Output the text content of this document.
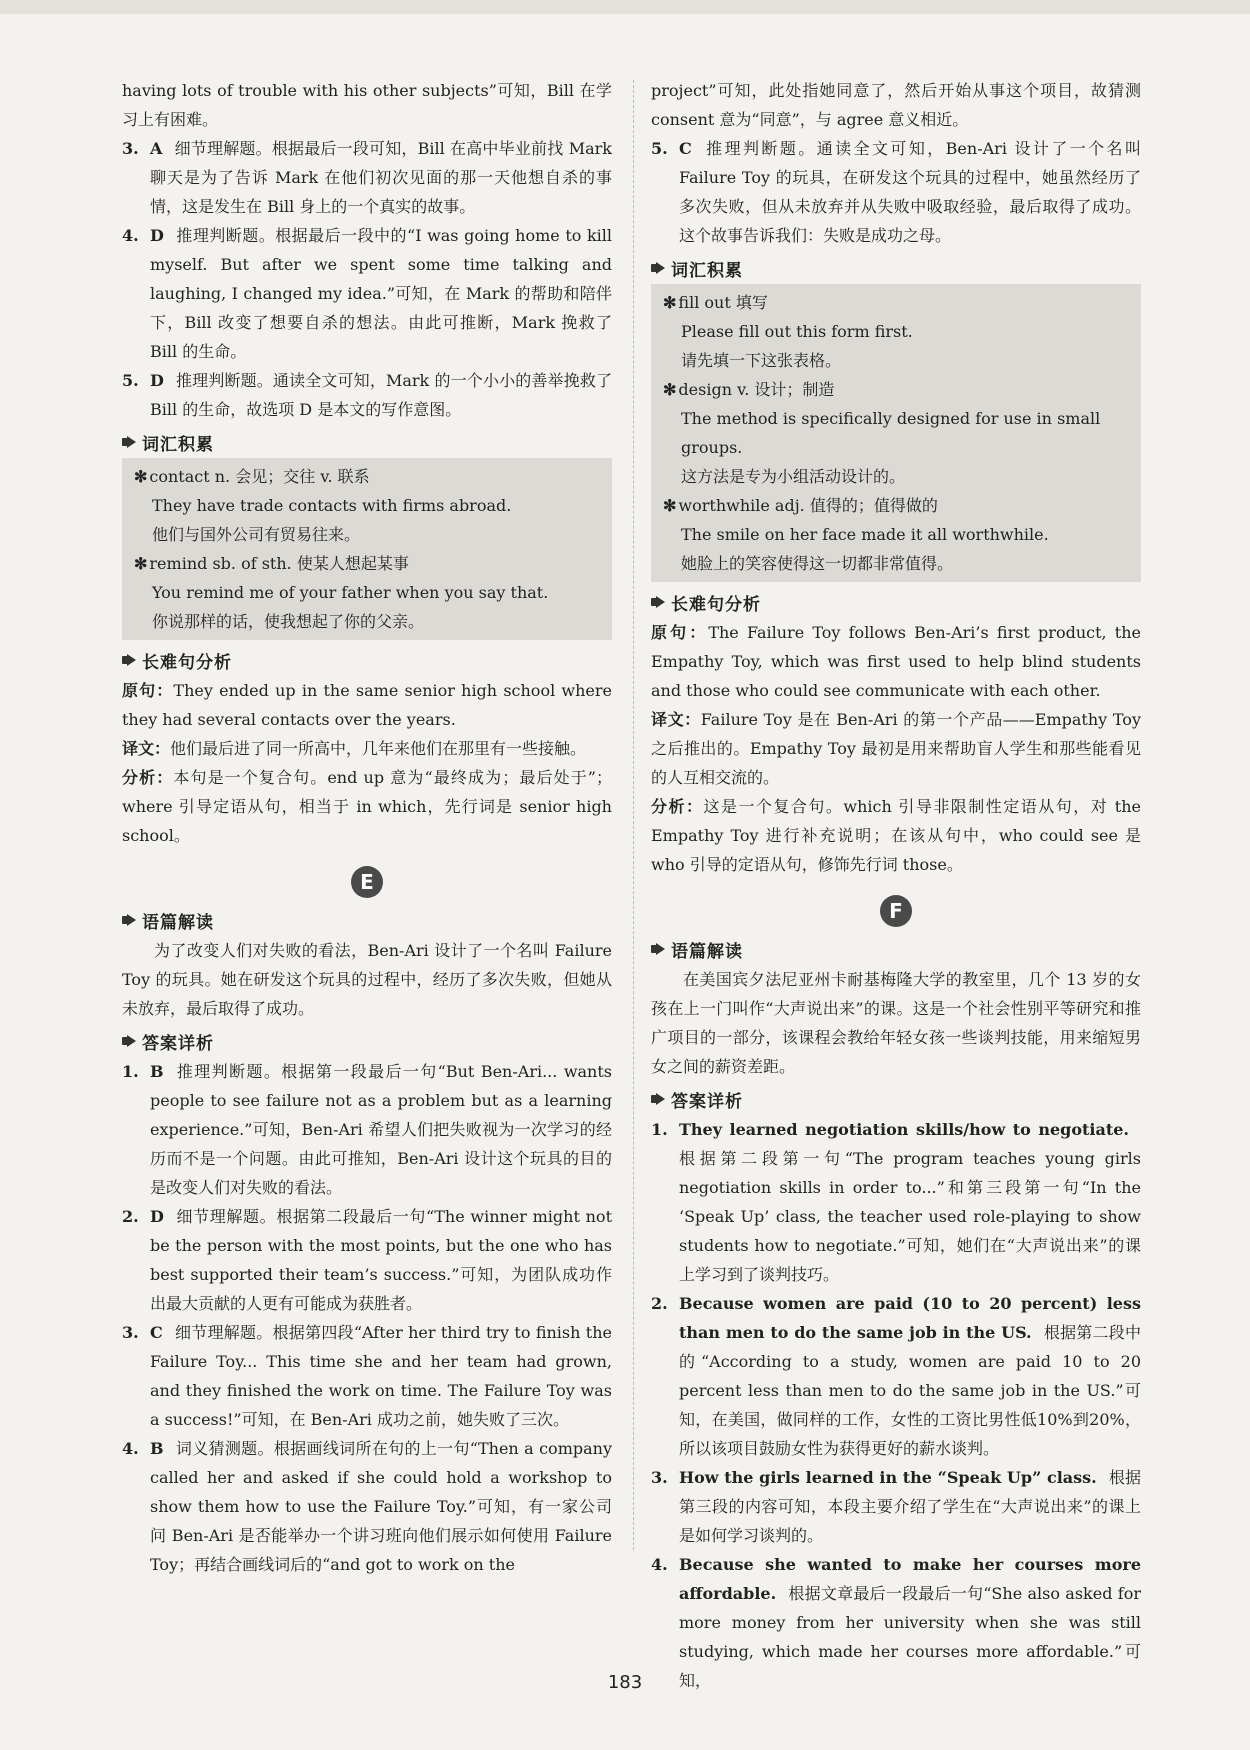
having lots of trouble with his other subjects”可知，Bill 在学习上有困难。

3. A 细节理解题。根据最后一段可知，Bill 在高中毕业前找 Mark 聊天是为了告诉 Mark 在他们初次见面的那一天他想自杀的事情，这是发生在 Bill 身上的一个真实的故事。
4. D 推理判断题。根据最后一段中的“I was going home to kill myself. But after we spent some time talking and laughing, I changed my idea.”可知，在 Mark 的帮助和陪伴下，Bill 改变了想要自杀的想法。由此可推断，Mark 挽救了 Bill 的生命。
5. D 推理判断题。通读全文可知，Mark 的一个小小的善举挽救了 Bill 的生命，故选项 D 是本文的写作意图。
词汇积累
✻ contact n. 会见；交往 v. 联系
They have trade contacts with firms abroad.
他们与国外公司有贸易往来。
✻ remind sb. of sth. 使某人想起某事
You remind me of your father when you say that.
你说那样的话，使我想起了你的父亲。
长难句分析

原句：They ended up in the same senior high school where they had several contacts over the years.

译文：他们最后进了同一所高中，几年来他们在那里有一些接触。

分析：本句是一个复合句。end up 意为“最终成为；最后处于”；where 引导定语从句，相当于 in which，先行词是 senior high school。

E
语篇解读

为了改变人们对失败的看法，Ben-Ari 设计了一个名叫 Failure Toy 的玩具。她在研发这个玩具的过程中，经历了多次失败，但她从未放弃，最后取得了成功。

答案详析
1. B 推理判断题。根据第一段最后一句“But Ben-Ari... wants people to see failure not as a problem but as a learning experience.”可知，Ben-Ari 希望人们把失败视为一次学习的经历而不是一个问题。由此可推知，Ben-Ari 设计这个玩具的目的是改变人们对失败的看法。
2. D 细节理解题。根据第二段最后一句“The winner might not be the person with the most points, but the one who has best supported their team’s success.”可知，为团队成功作出最大贡献的人更有可能成为获胜者。
3. C 细节理解题。根据第四段“After her third try to finish the Failure Toy... This time she and her team had grown, and they finished the work on time. The Failure Toy was a success!”可知，在 Ben-Ari 成功之前，她失败了三次。
4. B 词义猜测题。根据画线词所在句的上一句“Then a company called her and asked if she could hold a workshop to show them how to use the Failure Toy.”可知，有一家公司问 Ben-Ari 是否能举办一个讲习班向他们展示如何使用 Failure Toy；再结合画线词后的“and got to work on the

project”可知，此处指她同意了，然后开始从事这个项目，故猜测 consent 意为“同意”，与 agree 意义相近。

5. C 推理判断题。通读全文可知，Ben-Ari 设计了一个名叫 Failure Toy 的玩具，在研发这个玩具的过程中，她虽然经历了多次失败，但从未放弃并从失败中吸取经验，最后取得了成功。这个故事告诉我们：失败是成功之母。
词汇积累
✻ fill out 填写
Please fill out this form first.
请先填一下这张表格。
✻ design v. 设计；制造
The method is specifically designed for use in small groups.
这方法是专为小组活动设计的。
✻ worthwhile adj. 值得的；值得做的
The smile on her face made it all worthwhile.
她脸上的笑容使得这一切都非常值得。
长难句分析

原句：The Failure Toy follows Ben-Ari’s first product, the Empathy Toy, which was first used to help blind students and those who could see communicate with each other.

译文：Failure Toy 是在 Ben-Ari 的第一个产品——Empathy Toy 之后推出的。Empathy Toy 最初是用来帮助盲人学生和那些能看见的人互相交流的。

分析：这是一个复合句。which 引导非限制性定语从句，对 the Empathy Toy 进行补充说明；在该从句中，who could see 是 who 引导的定语从句，修饰先行词 those。

F
语篇解读

在美国宾夕法尼亚州卡耐基梅隆大学的教室里，几个 13 岁的女孩在上一门叫作“大声说出来”的课。这是一个社会性别平等研究和推广项目的一部分，该课程会教给年轻女孩一些谈判技能，用来缩短男女之间的薪资差距。

答案详析
1. They learned negotiation skills/how to negotiate.根据第二段第一句“The program teaches young girls negotiation skills in order to...”和第三段第一句“In the ‘Speak Up’ class, the teacher used role-playing to show students how to negotiate.”可知，她们在“大声说出来”的课上学习到了谈判技巧。
2. Because women are paid (10 to 20 percent) less than men to do the same job in the US. 根据第二段中的“According to a study, women are paid 10 to 20 percent less than men to do the same job in the US.”可知，在美国，做同样的工作，女性的工资比男性低10%到20%，所以该项目鼓励女性为获得更好的薪水谈判。
3. How the girls learned in the “Speak Up” class. 根据第三段的内容可知，本段主要介绍了学生在“大声说出来”的课上是如何学习谈判的。
4. Because she wanted to make her courses more affordable. 根据文章最后一段最后一句“She also asked for more money from her university when she was still studying, which made her courses more affordable.”可知，
183
